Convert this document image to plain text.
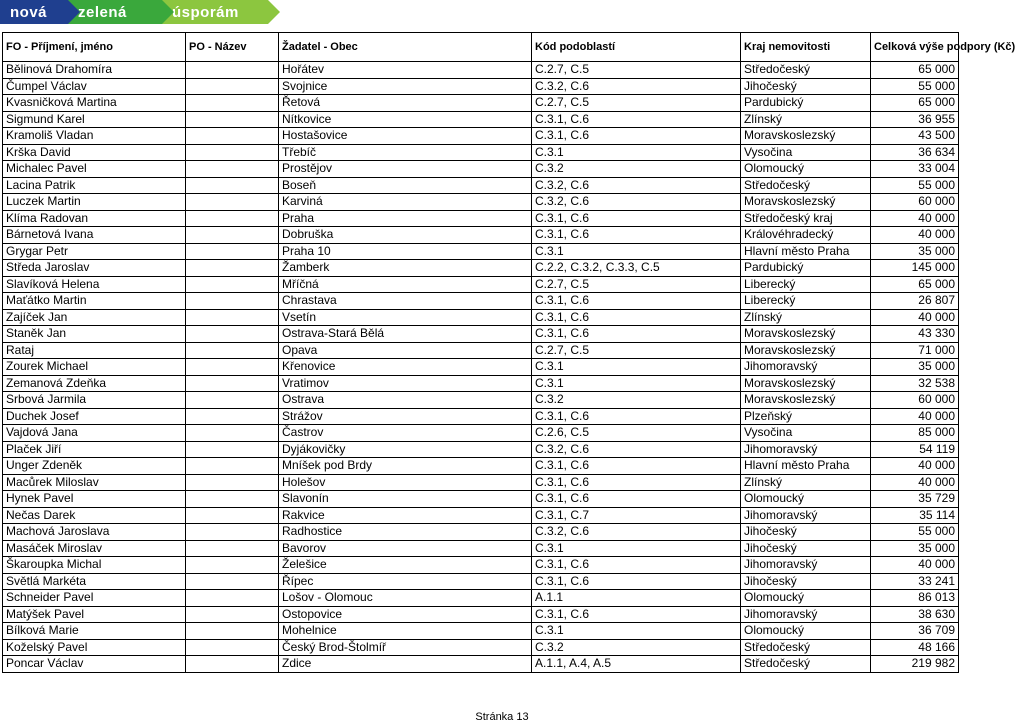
nová	zelená	úsporám
FO - Příjmení, jméno	PO - Název	Žadatel - Obec	Kód podoblastí	Kraj nemovitosti	Celková výše podpory (Kč)
Bělinová Drahomíra		Hořátev	C.2.7, C.5	Středočeský	65 000
Čumpel Václav		Svojnice	C.3.2, C.6	Jihočeský	55 000
Kvasničková Martina		Řetová	C.2.7, C.5	Pardubický	65 000
Sigmund Karel		Nítkovice	C.3.1, C.6	Zlínský	36 955
Kramoliš Vladan		Hostašovice	C.3.1, C.6	Moravskoslezský	43 500
Krška David		Třebíč	C.3.1	Vysočina	36 634
Michalec Pavel		Prostějov	C.3.2	Olomoucký	33 004
Lacina Patrik		Boseň	C.3.2, C.6	Středočeský	55 000
Luczek Martin		Karviná	C.3.2, C.6	Moravskoslezský	60 000
Klíma Radovan		Praha	C.3.1, C.6	Středočeský kraj	40 000
Bárnetová Ivana		Dobruška	C.3.1, C.6	Královéhradecký	40 000
Grygar Petr		Praha 10	C.3.1	Hlavní město Praha	35 000
Středa Jaroslav		Žamberk	C.2.2, C.3.2, C.3.3, C.5	Pardubický	145 000
Slavíková Helena		Mříčná	C.2.7, C.5	Liberecký	65 000
Maťátko Martin		Chrastava	C.3.1, C.6	Liberecký	26 807
Zajíček Jan		Vsetín	C.3.1, C.6	Zlínský	40 000
Staněk Jan		Ostrava-Stará Bělá	C.3.1, C.6	Moravskoslezský	43 330
Rataj		Opava	C.2.7, C.5	Moravskoslezský	71 000
Zourek Michael		Křenovice	C.3.1	Jihomoravský	35 000
Zemanová Zdeňka		Vratimov	C.3.1	Moravskoslezský	32 538
Srbová Jarmila		Ostrava	C.3.2	Moravskoslezský	60 000
Duchek Josef		Strážov	C.3.1, C.6	Plzeňský	40 000
Vajdová Jana		Častrov	C.2.6, C.5	Vysočina	85 000
Plaček Jiří		Dyjákovičky	C.3.2, C.6	Jihomoravský	54 119
Unger Zdeněk		Mníšek pod Brdy	C.3.1, C.6	Hlavní město Praha	40 000
Macůrek Miloslav		Holešov	C.3.1, C.6	Zlínský	40 000
Hynek Pavel		Slavonín	C.3.1, C.6	Olomoucký	35 729
Nečas Darek		Rakvice	C.3.1, C.7	Jihomoravský	35 114
Machová Jaroslava		Radhostice	C.3.2, C.6	Jihočeský	55 000
Masáček Miroslav		Bavorov	C.3.1	Jihočeský	35 000
Škaroupka Michal		Želešice	C.3.1, C.6	Jihomoravský	40 000
Světlá Markéta		Řípec	C.3.1, C.6	Jihočeský	33 241
Schneider Pavel		Lošov - Olomouc	A.1.1	Olomoucký	86 013
Matýšek Pavel		Ostopovice	C.3.1, C.6	Jihomoravský	38 630
Bílková Marie		Mohelnice	C.3.1	Olomoucký	36 709
Koželský Pavel		Český Brod-Štolmíř	C.3.2	Středočeský	48 166
Poncar Václav		Zdice	A.1.1, A.4, A.5	Středočeský	219 982
Stránka 13
